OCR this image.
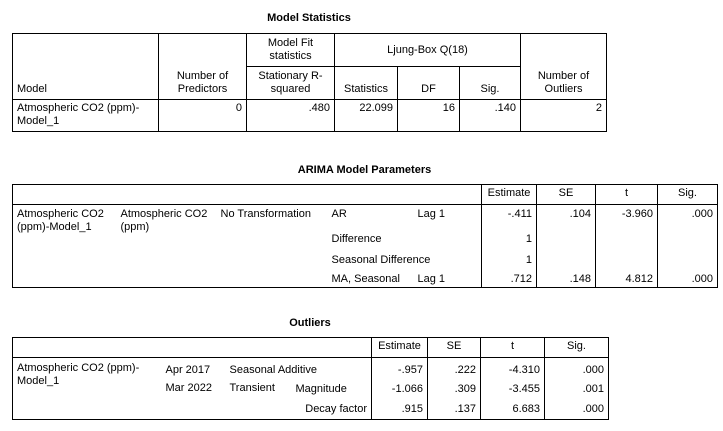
Model Statistics
Model	Number of Predictors	Model Fit statistics	Ljung-Box Q(18)			Number of Outliers
		Stationary R-squared	Statistics	DF	Sig.	
Atmospheric CO2 (ppm)-Model_1	0	.480	22.099	16	.140	2
ARIMA Model Parameters
					Estimate	SE	t	Sig.
Atmospheric CO2 (ppm)-Model_1	Atmospheric CO2 (ppm)	No Transformation	AR	Lag 1	-.411	.104	-3.960	.000
			Difference		1			
			Seasonal Difference		1			
			MA, Seasonal	Lag 1	.712	.148	4.812	.000
Outliers
				Estimate	SE	t	Sig.
Atmospheric CO2 (ppm)-Model_1	Apr 2017	Seasonal Additive		-.957	.222	-4.310	.000
	Mar 2022	Transient	Magnitude	-1.066	.309	-3.455	.001
			Decay factor	.915	.137	6.683	.000
